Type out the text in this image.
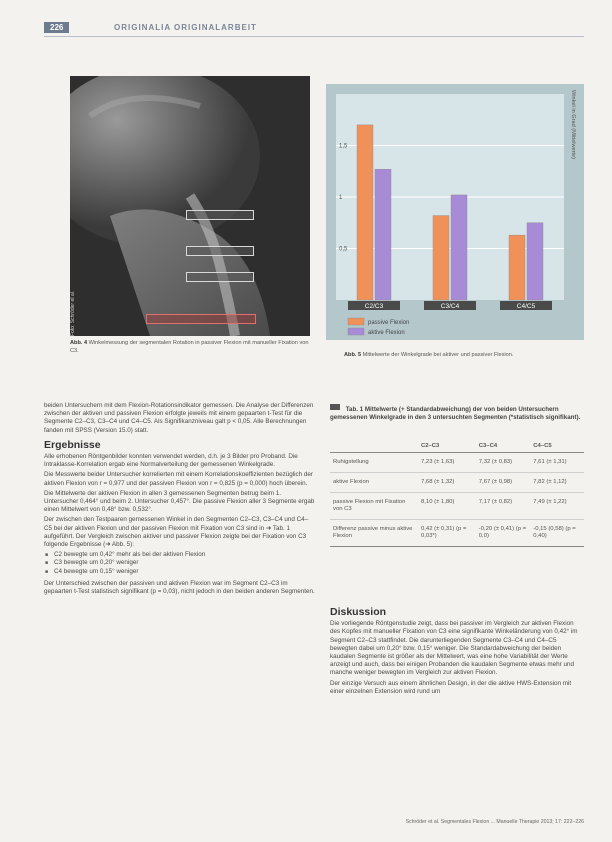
226	ORIGINALIA ORIGINALARBEIT
Foto: Schröder et al.
Abb. 4 Winkelmessung der segmentalen Rotation in passiver Flexion mit manueller Fixation von C3.
C2/C3	C3/C4	C4/C5
0,5
1
1,5
passive Flexion
aktive Flexion
Winkel in Grad (Mittelwerte)
Abb. 5 Mittelwerte der Winkelgrade bei aktiver und passiver Flexion.

beiden Untersuchern mit dem Flexion-Rotationsindikator gemessen. Die Analyse der Differenzen zwischen der aktiven und passiven Flexion erfolgte jeweils mit einem gepaarten t-Test für die Segmente C2–C3, C3–C4 und C4–C5. Als Signifikanzniveau galt p < 0,05. Alle Berechnungen fanden mit SPSS (Version 15.0) statt.

Ergebnisse

Alle erhobenen Röntgenbilder konnten verwendet werden, d.h. je 3 Bilder pro Proband. Die Intraklasse-Korrelation ergab eine Normalverteilung der gemessenen Winkelgrade.

Die Messwerte beider Untersucher korrelierten mit einem Korrelationskoeffizienten bezüglich der aktiven Flexion von r = 0,977 und der passiven Flexion von r = 0,825 (p = 0,000) hoch überein.

Die Mittelwerte der aktiven Flexion in allen 3 gemessenen Segmenten betrug beim 1. Untersucher 0,464° und beim 2. Untersucher 0,457°. Die passive Flexion aller 3 Segmente ergab einen Mittelwert von 0,48° bzw. 0,532°.

Der zwischen den Testpaaren gemessenen Winkel in den Segmenten C2–C3, C3–C4 und C4–C5 bei der aktiven Flexion und der passiven Flexion mit Fixation von C3 sind in ➜ Tab. 1 aufgeführt. Der Vergleich zwischen aktiver und passiver Flexion zeigte bei der Fixation von C3 folgende Ergebnisse (➜ Abb. 5):

■ C2 bewegte um 0,42° mehr als bei der aktiven Flexion
■ C3 bewegte um 0,20° weniger
■ C4 bewegte um 0,15° weniger

Der Unterschied zwischen der passiven und aktiven Flexion war im Segment C2–C3 im gepaarten t-Test statistisch signifikant (p = 0,03), nicht jedoch in den beiden anderen Segmenten.

Tab. 1 Mittelwerte (+ Standardabweichung) der von beiden Untersuchern gemessenen Winkelgrade in den 3 untersuchten Segmenten (*statistisch signifikant).
	C2–C3	C3–C4	C4–C5
Ruhigstellung	7,23 (± 1,63)	7,32 (± 0,83)	7,61 (± 1,31)
aktive Flexion	7,68 (± 1,32)	7,67 (± 0,98)	7,82 (± 1,12)
passive Flexion mit Fixation von C3	8,10 (± 1,80)	7,17 (± 0,82)	7,49 (± 1,22)
Differenz passive minus aktive Flexion	0,42 (± 0,31) (p = 0,03*)	-0,20 (± 0,41) (p = 0,0)	-0,15 (0,58) (p = 0,40)
Diskussion

Die vorliegende Röntgenstudie zeigt, dass bei passiver im Vergleich zur aktiven Flexion des Kopfes mit manueller Fixation von C3 eine signifikante Winkeländerung von 0,42° im Segment C2–C3 stattfindet. Die darunterliegenden Segmente C3–C4 und C4–C5 bewegten dabei um 0,20° bzw. 0,15° weniger. Die Standardabweichung der beiden kaudalen Segmente ist größer als der Mittelwert, was eine hohe Variabilität der Werte anzeigt und auch, dass bei einigen Probanden die kaudalen Segmente etwas mehr und manche weniger bewegten im Vergleich zur aktiven Flexion.

Der einzige Versuch aus einem ähnlichen Design, in der die aktive HWS-Extension mit einer einzelnen Extension wird rund um

Schröder et al. Segmentales Flexion ... Manuelle Therapie 2013; 17: 222–226
